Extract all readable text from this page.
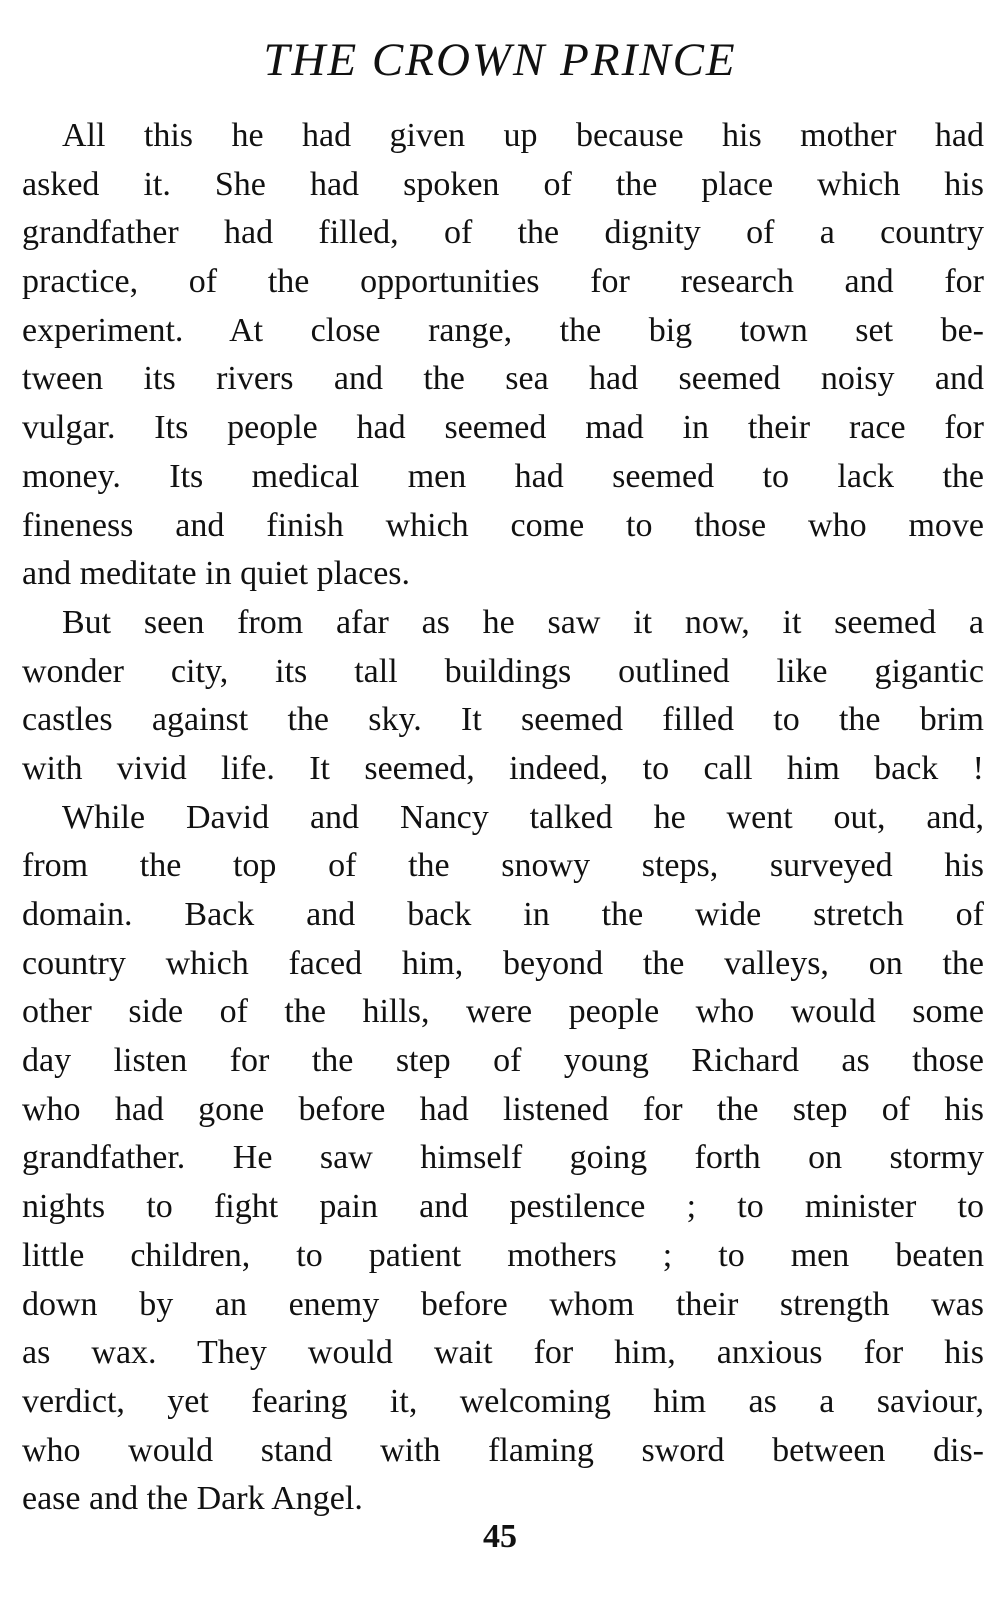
THE CROWN PRINCE
All this he had given up because his mother had
asked it. She had spoken of the place which his
grandfather had filled, of the dignity of a country
practice, of the opportunities for research and for
experiment. At close range, the big town set be-
tween its rivers and the sea had seemed noisy and
vulgar. Its people had seemed mad in their race for
money. Its medical men had seemed to lack the
fineness and finish which come to those who move
and meditate in quiet places.
But seen from afar as he saw it now, it seemed a
wonder city, its tall buildings outlined like gigantic
castles against the sky. It seemed filled to the brim
with vivid life. It seemed, indeed, to call him back !
While David and Nancy talked he went out, and,
from the top of the snowy steps, surveyed his
domain. Back and back in the wide stretch of
country which faced him, beyond the valleys, on the
other side of the hills, were people who would some
day listen for the step of young Richard as those
who had gone before had listened for the step of his
grandfather. He saw himself going forth on stormy
nights to fight pain and pestilence ; to minister to
little children, to patient mothers ; to men beaten
down by an enemy before whom their strength was
as wax. They would wait for him, anxious for his
verdict, yet fearing it, welcoming him as a saviour,
who would stand with flaming sword between dis-
ease and the Dark Angel.
45
